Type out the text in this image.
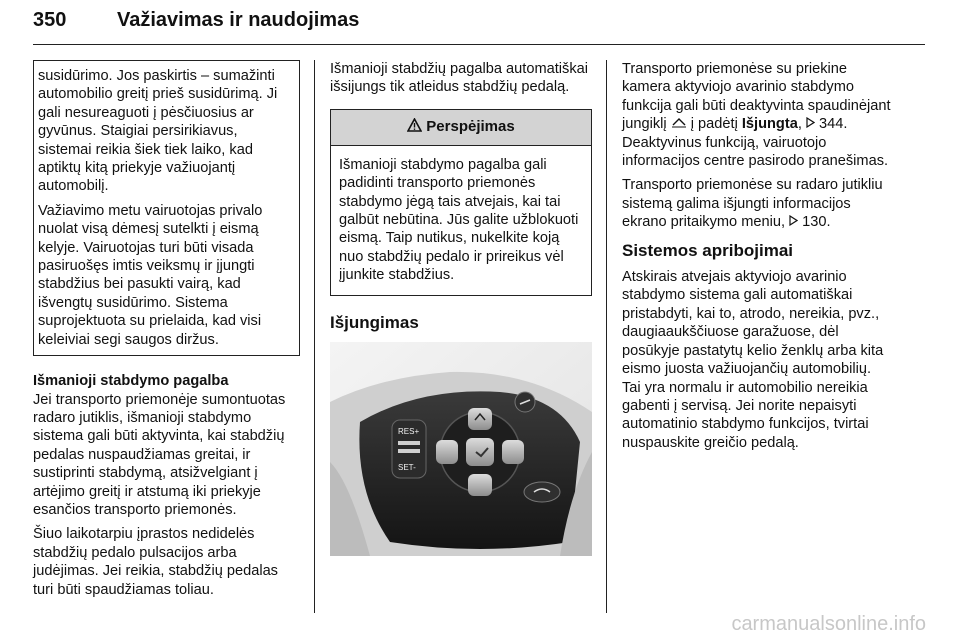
350	Važiavimas ir naudojimas

susidūrimo. Jos paskirtis – sumažinti automobilio greitį prieš susidūrimą. Ji gali nesureaguoti į pėsčiuosius ar gyvūnus. Staigiai persirikiavus, sistemai reikia šiek tiek laiko, kad aptiktų kitą priekyje važiuojantį automobilį.

Važiavimo metu vairuotojas privalo nuolat visą dėmesį sutelkti į eismą kelyje. Vairuotojas turi būti visada pasiruošęs imtis veiksmų ir įjungti stabdžius bei pasukti vairą, kad išvengtų susidūrimo. Sistema suprojektuota su prielaida, kad visi keleiviai segi saugos diržus.

Išmanioji stabdymo pagalba

Jei transporto priemonėje sumontuotas radaro jutiklis, išmanioji stabdymo sistema gali būti aktyvinta, kai stabdžių pedalas nuspaudžiamas greitai, ir sustiprinti stabdymą, atsižvelgiant į artėjimo greitį ir atstumą iki priekyje esančios transporto priemonės.

Šiuo laikotarpiu įprastos nedidelės stabdžių pedalo pulsacijos arba judėjimas. Jei reikia, stabdžių pedalas turi būti spaudžiamas toliau.

Išmanioji stabdžių pagalba automatiškai išsijungs tik atleidus stabdžių pedalą.

Perspėjimas
Išmanioji stabdymo pagalba gali padidinti transporto priemonės stabdymo jėgą tais atvejais, kai tai galbūt nebūtina. Jūs galite užblokuoti eismą. Taip nutikus, nukelkite koją nuo stabdžių pedalo ir prireikus vėl įjunkite stabdžius.
Išjungimas
RES+
SET-

Transporto priemonėse su priekine kamera aktyviojo avarinio stabdymo funkcija gali būti deaktyvinta spaudinėjant jungiklį į padėtį Išjungta,  344. Deaktyvinus funkciją, vairuotojo informacijos centre pasirodo pranešimas.

Transporto priemonėse su radaro jutikliu sistemą galima išjungti informacijos ekrano pritaikymo meniu, 130.

Sistemos apribojimai

Atskirais atvejais aktyviojo avarinio stabdymo sistema gali automatiškai pristabdyti, kai to, atrodo, nereikia, pvz., daugiaaukščiuose garažuose, dėl posūkyje pastatytų kelio ženklų arba kita eismo juosta važiuojančių automobilių. Tai yra normalu ir automobilio nereikia gabenti į servisą. Jei norite nepaisyti automatinio stabdymo funkcijos, tvirtai nuspauskite greičio pedalą.

carmanualsonline.info
